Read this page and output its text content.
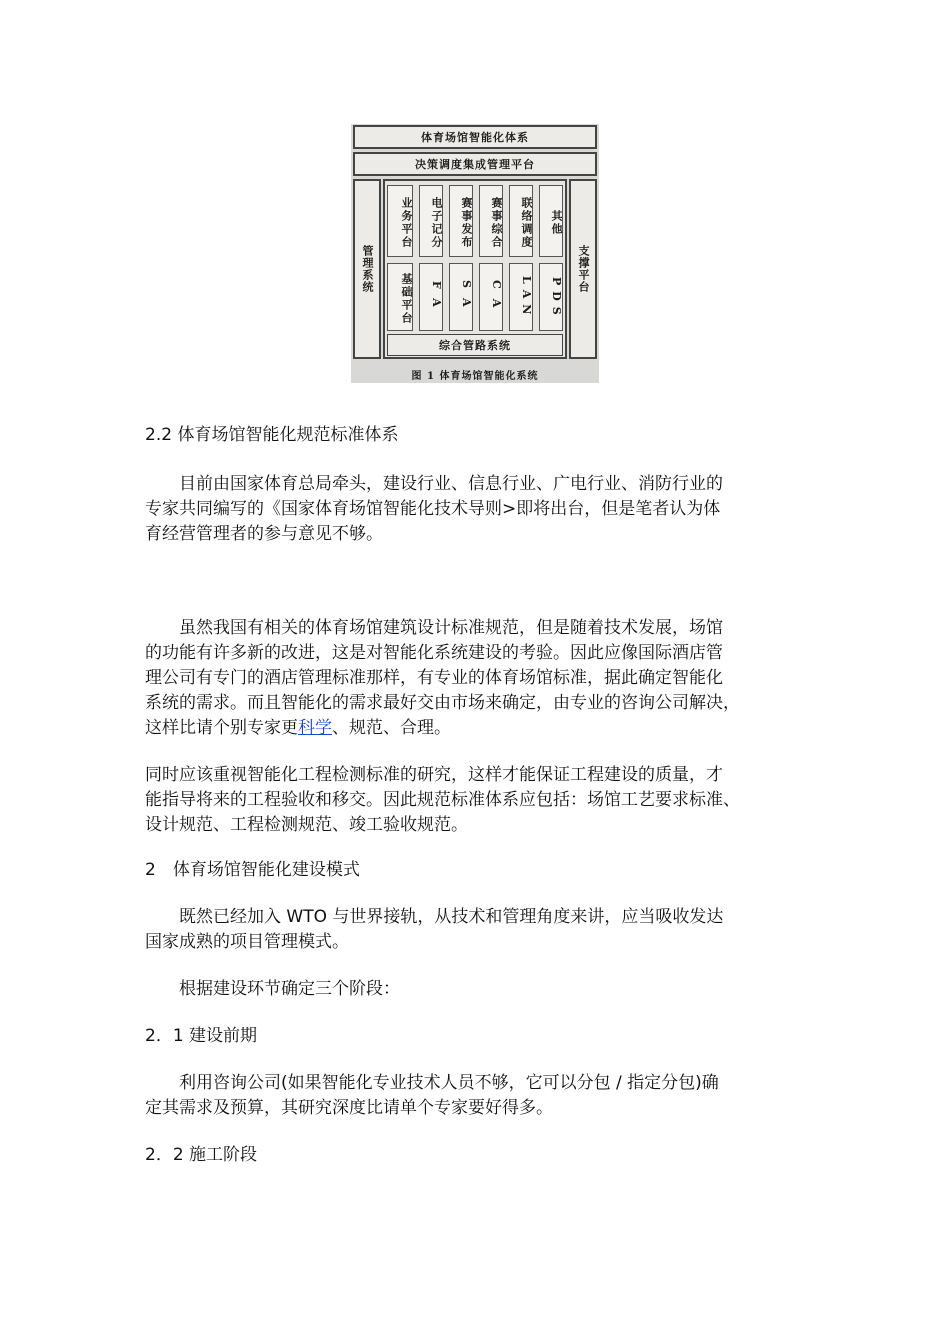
体育场馆智能化体系
决策调度集成管理平台
管理系统	支撑平台
业务平台	电子记分	赛事发布	赛事综合	联络调度	其他
基础平台	FA	SA	CA	LAN	PDS
综合管路系统
图 1 体育场馆智能化系统

2.2 体育场馆智能化规范标准体系

目前由国家体育总局牵头，建设行业、信息行业、广电行业、消防行业的

专家共同编写的《国家体育场馆智能化技术导则>即将出台，但是笔者认为体

育经营管理者的参与意见不够。

虽然我国有相关的体育场馆建筑设计标准规范，但是随着技术发展，场馆

的功能有许多新的改进，这是对智能化系统建设的考验。因此应像国际酒店管

理公司有专门的酒店管理标准那样，有专业的体育场馆标准，据此确定智能化

系统的需求。而且智能化的需求最好交由市场来确定，由专业的咨询公司解决，

这样比请个别专家更科学、规范、合理。

同时应该重视智能化工程检测标准的研究，这样才能保证工程建设的质量，才

能指导将来的工程验收和移交。因此规范标准体系应包括：场馆工艺要求标准、

设计规范、工程检测规范、竣工验收规范。

2　体育场馆智能化建设模式

既然已经加入 WTO 与世界接轨，从技术和管理角度来讲，应当吸收发达

国家成熟的项目管理模式。

根据建设环节确定三个阶段：

2．1 建设前期

利用咨询公司(如果智能化专业技术人员不够，它可以分包 / 指定分包)确

定其需求及预算，其研究深度比请单个专家要好得多。

2．2 施工阶段
